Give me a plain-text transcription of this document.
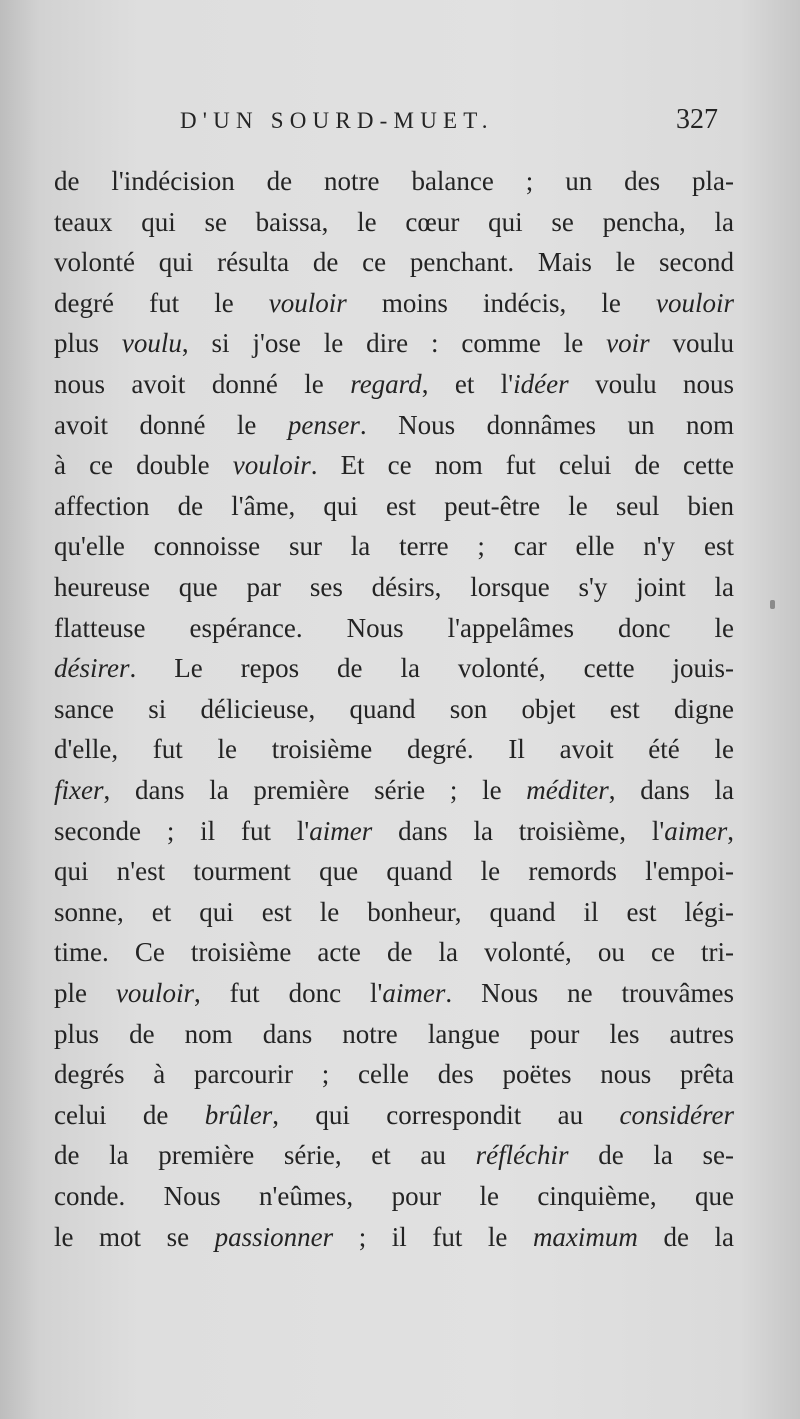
D'UN SOURD-MUET.	327
de l'indécision de notre balance ; un des pla-
teaux qui se baissa, le cœur qui se pencha, la
volonté qui résulta de ce penchant. Mais le second
degré fut le vouloir moins indécis, le vouloir
plus voulu, si j'ose le dire : comme le voir voulu
nous avoit donné le regard, et l'idéer voulu nous
avoit donné le penser. Nous donnâmes un nom
à ce double vouloir. Et ce nom fut celui de cette
affection de l'âme, qui est peut-être le seul bien
qu'elle connoisse sur la terre ; car elle n'y est
heureuse que par ses désirs, lorsque s'y joint la
flatteuse espérance. Nous l'appelâmes donc le
désirer. Le repos de la volonté, cette jouis-
sance si délicieuse, quand son objet est digne
d'elle, fut le troisième degré. Il avoit été le
fixer, dans la première série ; le méditer, dans la
seconde ; il fut l'aimer dans la troisième, l'aimer,
qui n'est tourment que quand le remords l'empoi-
sonne, et qui est le bonheur, quand il est légi-
time. Ce troisième acte de la volonté, ou ce tri-
ple vouloir, fut donc l'aimer. Nous ne trouvâmes
plus de nom dans notre langue pour les autres
degrés à parcourir ; celle des poëtes nous prêta
celui de brûler, qui correspondit au considérer
de la première série, et au réfléchir de la se-
conde. Nous n'eûmes, pour le cinquième, que
le mot se passionner ; il fut le maximum de la
